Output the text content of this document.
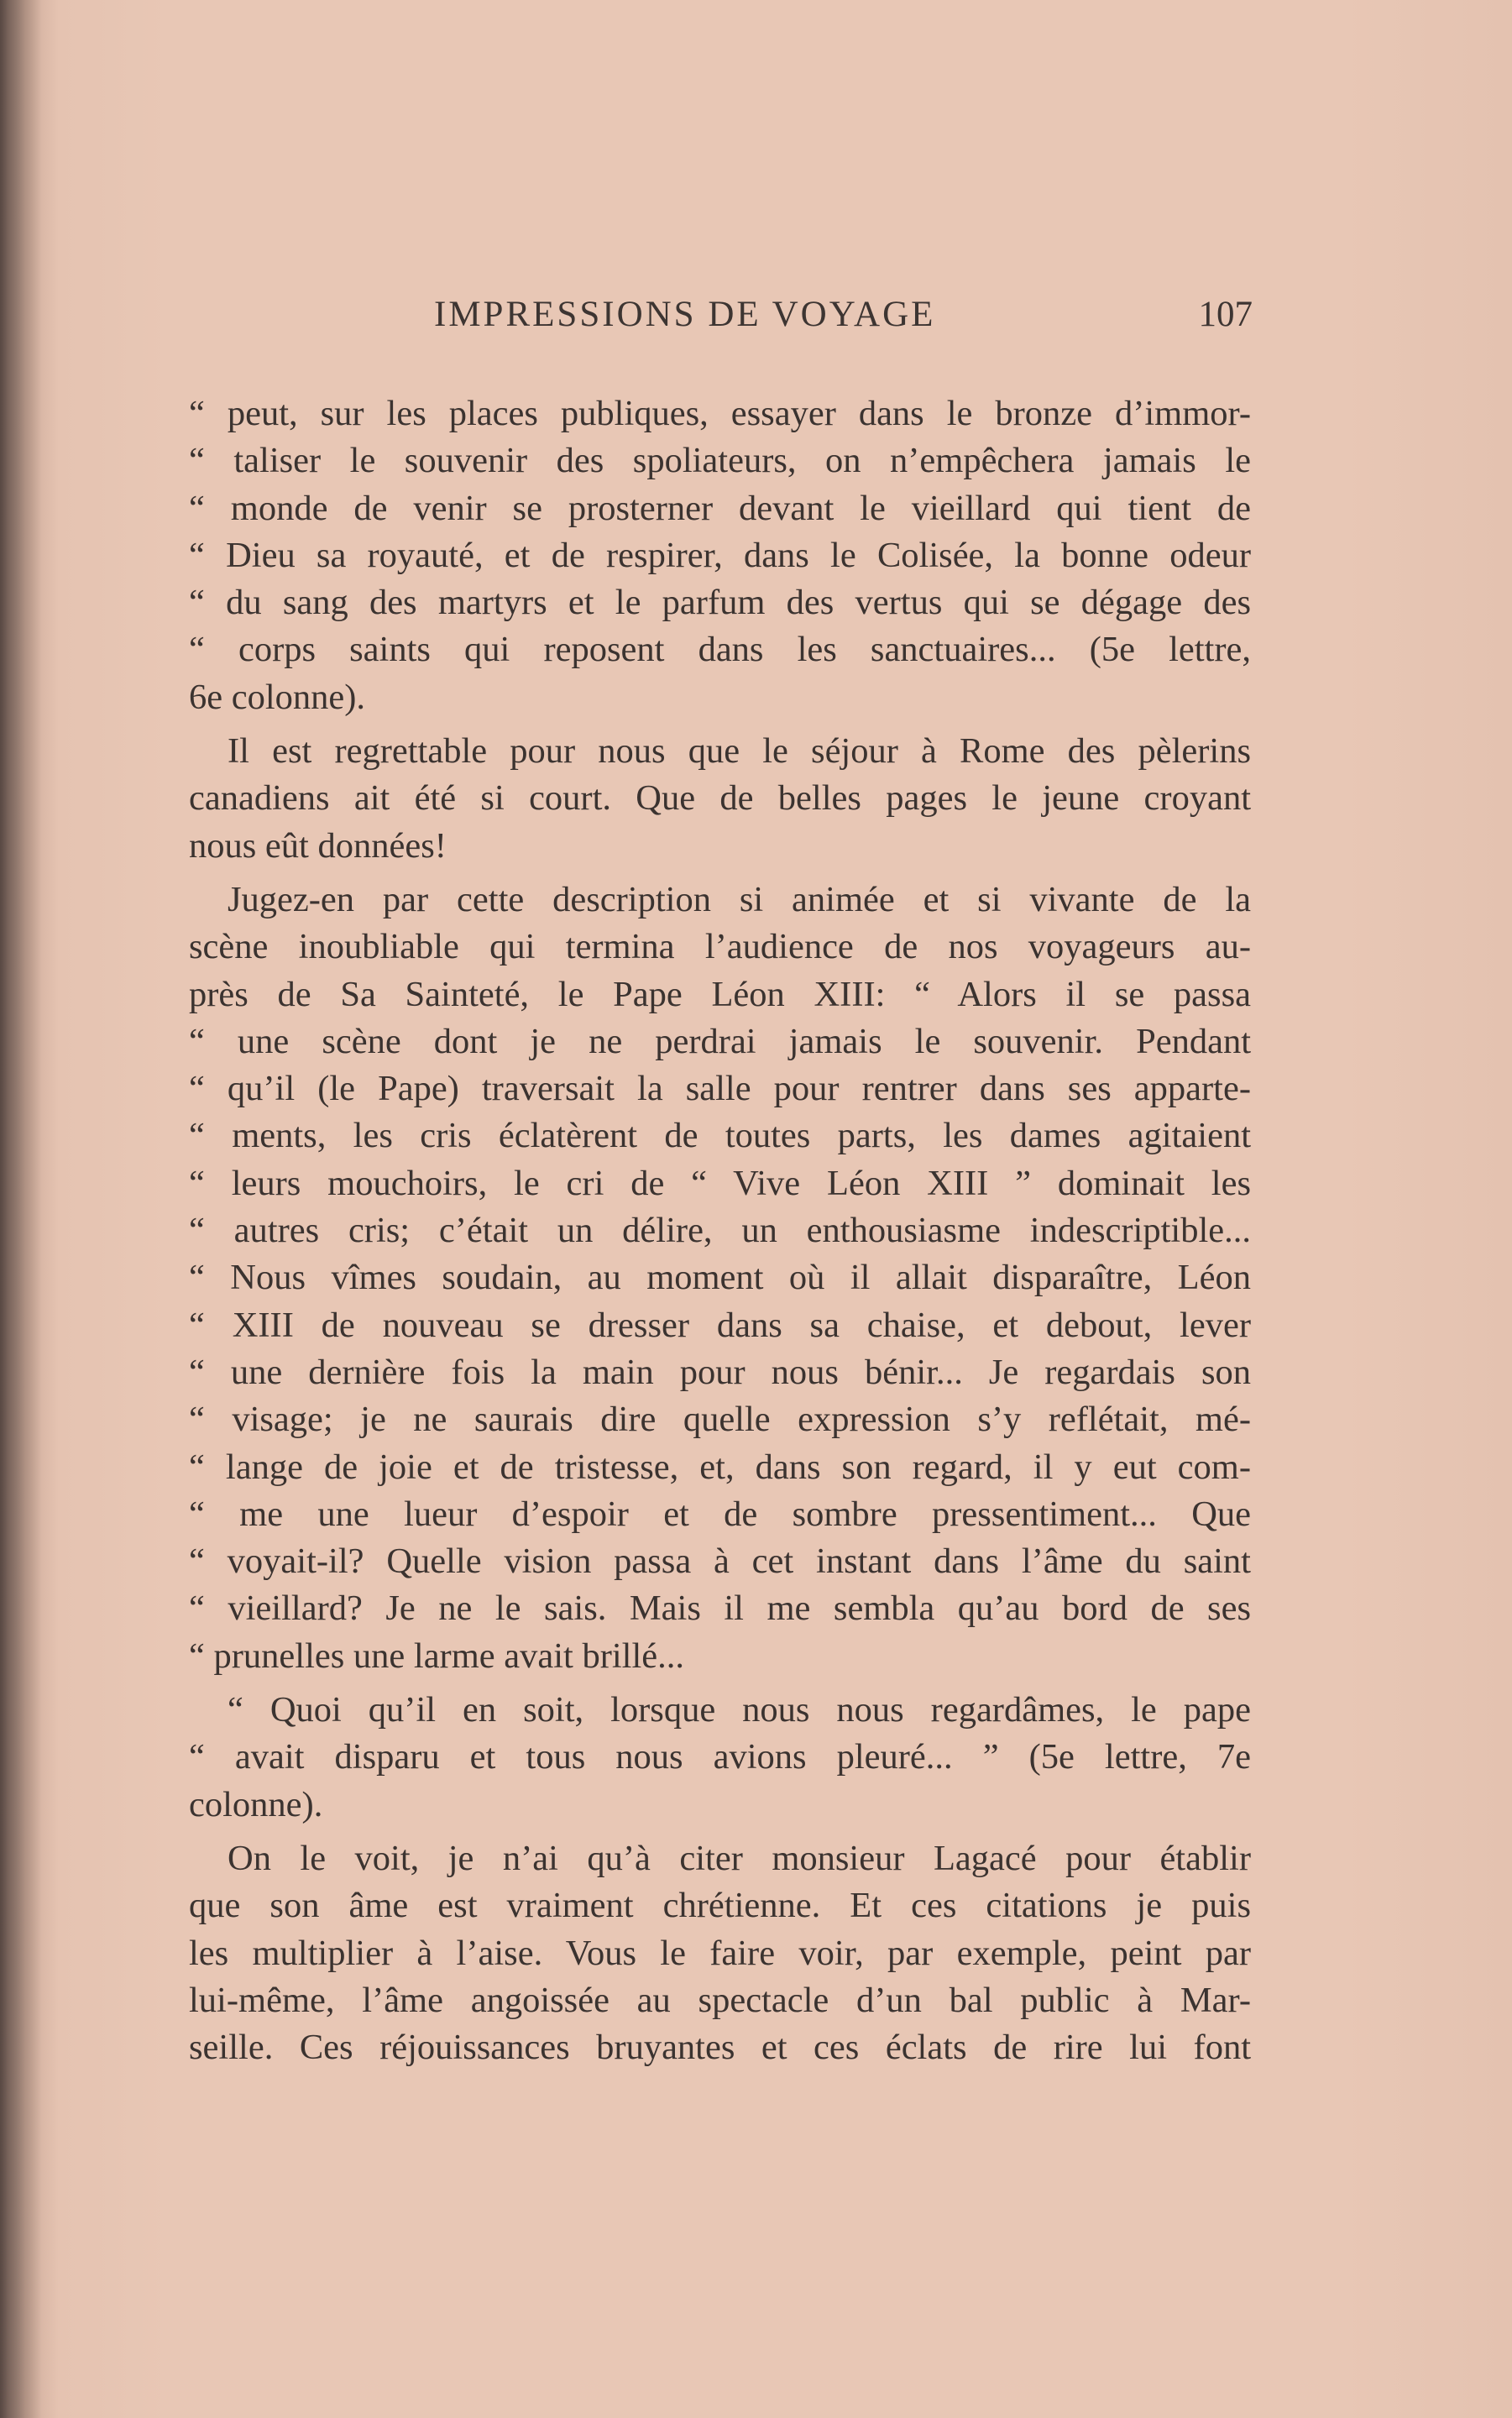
IMPRESSIONS DE VOYAGE	107
“ peut, sur les places publiques, essayer dans le bronze d’immor-
“ taliser le souvenir des spoliateurs, on n’empêchera jamais le
“ monde de venir se prosterner devant le vieillard qui tient de
“ Dieu sa royauté, et de respirer, dans le Colisée, la bonne odeur
“ du sang des martyrs et le parfum des vertus qui se dégage des
“ corps saints qui reposent dans les sanctuaires... (5e lettre,
6e colonne).
Il est regrettable pour nous que le séjour à Rome des pèlerins
canadiens ait été si court. Que de belles pages le jeune croyant
nous eût données!
Jugez-en par cette description si animée et si vivante de la
scène inoubliable qui termina l’audience de nos voyageurs au-
près de Sa Sainteté, le Pape Léon XIII: “ Alors il se passa
“ une scène dont je ne perdrai jamais le souvenir. Pendant
“ qu’il (le Pape) traversait la salle pour rentrer dans ses apparte-
“ ments, les cris éclatèrent de toutes parts, les dames agitaient
“ leurs mouchoirs, le cri de “ Vive Léon XIII ” dominait les
“ autres cris; c’était un délire, un enthousiasme indescriptible...
“ Nous vîmes soudain, au moment où il allait disparaître, Léon
“ XIII de nouveau se dresser dans sa chaise, et debout, lever
“ une dernière fois la main pour nous bénir... Je regardais son
“ visage; je ne saurais dire quelle expression s’y reflétait, mé-
“ lange de joie et de tristesse, et, dans son regard, il y eut com-
“ me une lueur d’espoir et de sombre pressentiment... Que
“ voyait-il? Quelle vision passa à cet instant dans l’âme du saint
“ vieillard? Je ne le sais. Mais il me sembla qu’au bord de ses
“ prunelles une larme avait brillé...
“ Quoi qu’il en soit, lorsque nous nous regardâmes, le pape
“ avait disparu et tous nous avions pleuré... ” (5e lettre, 7e
colonne).
On le voit, je n’ai qu’à citer monsieur Lagacé pour établir
que son âme est vraiment chrétienne. Et ces citations je puis
les multiplier à l’aise. Vous le faire voir, par exemple, peint par
lui-même, l’âme angoissée au spectacle d’un bal public à Mar-
seille. Ces réjouissances bruyantes et ces éclats de rire lui font
